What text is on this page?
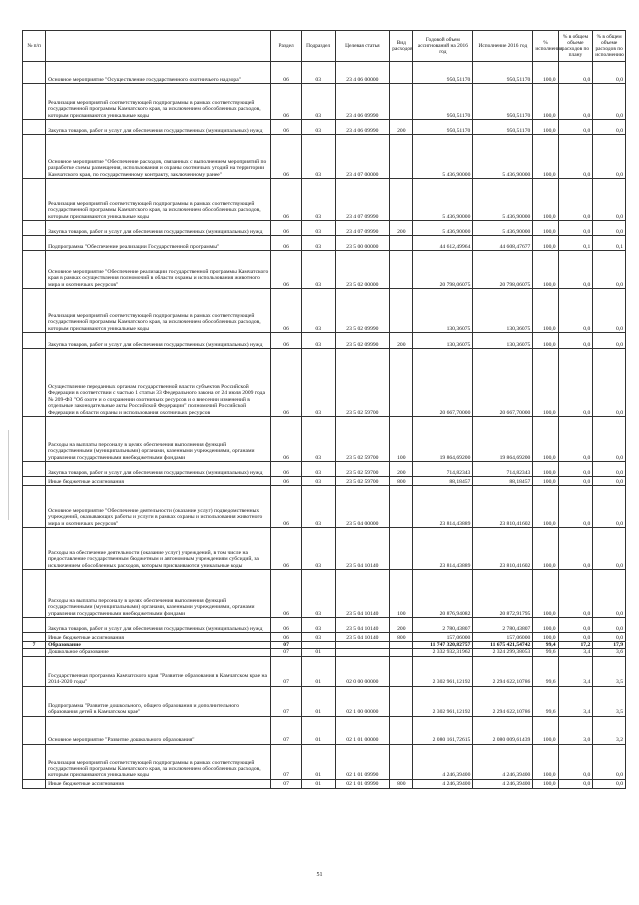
№ п/п		Раздел	Подраздел	Целевая статья	Вид расходов	Годовой объем ассигнований на 2016 год	Исполнение 2016 год	% исполнения	% в общем объеме расходов по плану	% в общем объеме расходов по исполнению
	Основное мероприятие "Осуществление государственного охотничьего надзора"	06	03	23 4 06 00000		950,51170	950,51170	100,0	0,0	0,0
	Реализация мероприятий соответствующей подпрограммы в рамках соответствующей государственной программы Камчатского края, за исключением обособленных расходов, которым присваиваются уникальные коды	06	03	23 4 06 09990		950,51170	950,51170	100,0	0,0	0,0
	Закупка товаров, работ и услуг для обеспечения государственных (муниципальных) нужд	06	03	23 4 06 09990	200	950,51170	950,51170	100,0	0,0	0,0
	Основное мероприятие "Обеспечение расходов, связанных с выполнением мероприятий по разработке схемы размещения, использования и охраны охотничьих угодий на территории Камчатского края, по государственному контракту, заключенному ранее"	06	03	23 4 07 00000		5 436,90000	5 436,90000	100,0	0,0	0,0
	Реализация мероприятий соответствующей подпрограммы в рамках соответствующей государственной программы Камчатского края, за исключением обособленных расходов, которым присваиваются уникальные коды	06	03	23 4 07 09990		5 436,90000	5 436,90000	100,0	0,0	0,0
	Закупка товаров, работ и услуг для обеспечения государственных (муниципальных) нужд	06	03	23 4 07 09990	200	5 436,90000	5 436,90000	100,0	0,0	0,0
	Подпрограмма "Обеспечение реализации Государственной программы"	06	03	23 5 00 00000		44 612,49964	44 608,47677	100,0	0,1	0,1
	Основное мероприятие "Обеспечение реализации государственной программы Камчатского края в рамках осуществления полномочий в области охраны и использования животного мира и охотничьих ресурсов"	06	03	23 5 02 00000		20 798,06075	20 798,06075	100,0	0,0	0,0
	Реализация мероприятий соответствующей подпрограммы в рамках соответствующей государственной программы Камчатского края, за исключением обособленных расходов, которым присваиваются уникальные коды	06	03	23 5 02 09990		130,36075	130,36075	100,0	0,0	0,0
	Закупка товаров, работ и услуг для обеспечения государственных (муниципальных) нужд	06	03	23 5 02 09990	200	130,36075	130,36075	100,0	0,0	0,0
	Осуществление переданных органам государственной власти субъектов Российской Федерации в соответствии с частью 1 статьи 33 Федерального закона от 24 июля 2009 года № 209-ФЗ "Об охоте и о сохранении охотничьих ресурсов и о внесении изменений в отдельные законодательные акты Российской Федерации" полномочий Российской Федерации в области охраны и использования охотничьих ресурсов	06	03	23 5 02 59700		20 667,70000	20 667,70000	100,0	0,0	0,0
	Расходы на выплаты персоналу в целях обеспечения выполнения функций государственными (муниципальными) органами, казенными учреждениями, органами управления государственными внебюджетными фондами	06	03	23 5 02 59700	100	19 864,69200	19 864,69200	100,0	0,0	0,0
	Закупка товаров, работ и услуг для обеспечения государственных (муниципальных) нужд	06	03	23 5 02 59700	200	714,82343	714,82343	100,0	0,0	0,0
	Иные бюджетные ассигнования	06	03	23 5 02 59700	800	88,18457	88,18457	100,0	0,0	0,0
	Основное мероприятие "Обеспечение деятельности (оказание услуг) подведомственных учреждений, оказывающих работы и услуги в рамках охраны и использования животного мира и охотничьих ресурсов"	06	03	23 5 04 00000		23 814,43889	23 810,41602	100,0	0,0	0,0
	Расходы на обеспечение деятельности (оказание услуг) учреждений, в том числе на предоставление государственным бюджетным и автономным учреждениям субсидий, за исключением обособленных расходов, которым присваиваются уникальные коды	06	03	23 5 04 10140		23 814,43889	23 810,41602	100,0	0,0	0,0
	Расходы на выплаты персоналу в целях обеспечения выполнения функций государственными (муниципальными) органами, казенными учреждениями, органами управления государственными внебюджетными фондами	06	03	23 5 04 10140	100	20 876,94082	20 872,91795	100,0	0,0	0,0
	Закупка товаров, работ и услуг для обеспечения государственных (муниципальных) нужд	06	03	23 5 04 10140	200	2 780,43807	2 780,43807	100,0	0,0	0,0
	Иные бюджетные ассигнования	06	03	23 5 04 10140	800	157,06000	157,06000	100,0	0,0	0,0
7	Образование	07				11 747 320,82757	11 675 421,54742	99,4	17,2	17,9
	Дошкольное образование	07	01			2 332 932,31962	2 324 299,38053	99,6	3,4	3,6
	Государственная программа Камчатского края "Развитие образования в Камчатском крае на 2014-2020 годы"	07	01	02 0 00 00000		2 302 961,12192	2 294 622,10786	99,6	3,4	3,5
	Подпрограмма "Развитие дошкольного, общего образования и дополнительного образования детей в Камчатском крае"	07	01	02 1 00 00000		2 302 961,12192	2 294 622,10786	99,6	3,4	3,5
	Основное мероприятие "Развитие дошкольного образования"	07	01	02 1 01 00000		2 080 161,72615	2 080 009,61439	100,0	3,0	3,2
	Реализация мероприятий соответствующей подпрограммы в рамках соответствующей государственной программы Камчатского края, за исключением обособленных расходов, которым присваиваются уникальные коды	07	01	02 1 01 09990		4 246,39400	4 246,39400	100,0	0,0	0,0
	Иные бюджетные ассигнования	07	01	02 1 01 09990	800	4 246,39400	4 246,39400	100,0	0,0	0,0
51
